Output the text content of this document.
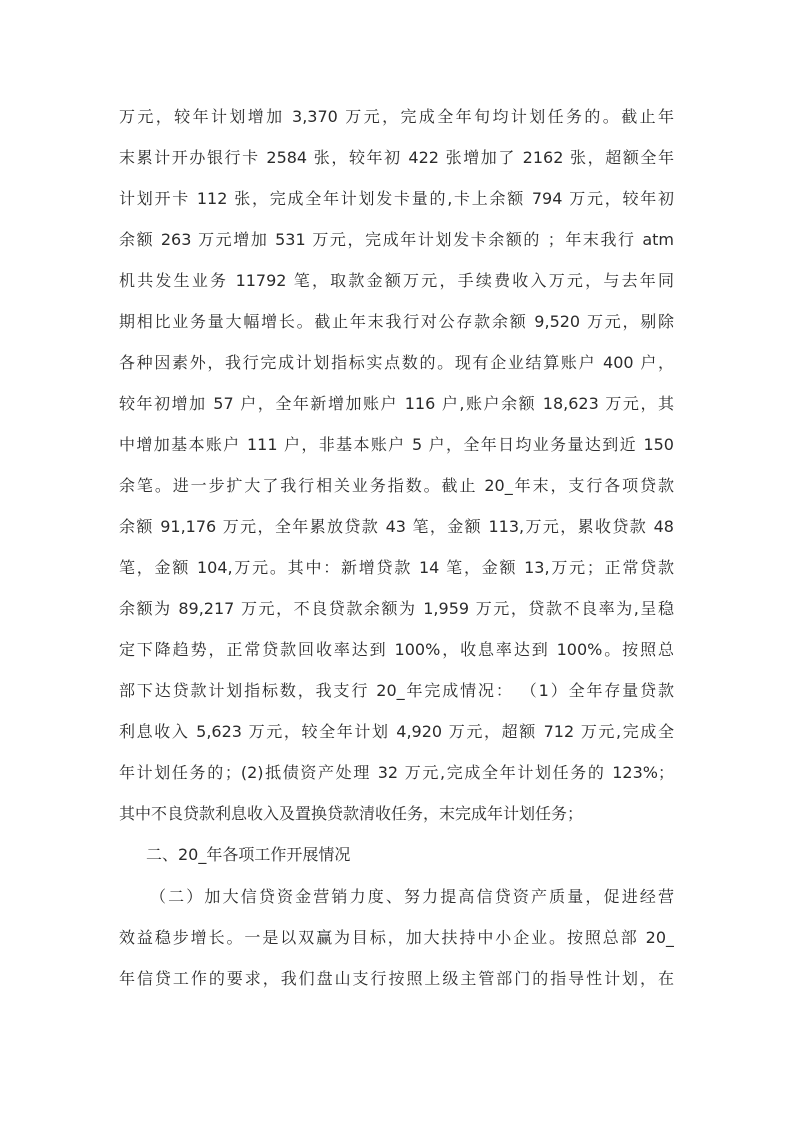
万元，较年计划增加 3,370 万元，完成全年旬均计划任务的。截止年
末累计开办银行卡 2584 张，较年初 422 张增加了 2162 张，超额全年
计划开卡 112 张，完成全年计划发卡量的,卡上余额 794 万元，较年初
余额 263 万元增加 531 万元，完成年计划发卡余额的 ；年末我行 atm
机共发生业务 11792 笔，取款金额万元，手续费收入万元，与去年同
期相比业务量大幅增长。截止年末我行对公存款余额 9,520 万元，剔除
各种因素外，我行完成计划指标实点数的。现有企业结算账户 400 户，
较年初增加 57 户，全年新增加账户 116 户,账户余额 18,623 万元，其
中增加基本账户 111 户，非基本账户 5 户，全年日均业务量达到近 150
余笔。进一步扩大了我行相关业务指数。截止 20_年末，支行各项贷款
余额 91,176 万元，全年累放贷款 43 笔，金额 113,万元，累收贷款 48
笔，金额 104,万元。其中：新增贷款 14 笔，金额 13,万元；正常贷款
余额为 89,217 万元，不良贷款余额为 1,959 万元，贷款不良率为,呈稳
定下降趋势，正常贷款回收率达到 100%，收息率达到 100%。按照总
部下达贷款计划指标数，我支行 20_年完成情况： （1）全年存量贷款
利息收入 5,623 万元，较全年计划 4,920 万元，超额 712 万元,完成全
年计划任务的；(2)抵债资产处理 32 万元,完成全年计划任务的 123%；
其中不良贷款利息收入及置换贷款清收任务，末完成年计划任务；
二、20_年各项工作开展情况
（二）加大信贷资金营销力度、努力提高信贷资产质量，促进经营
效益稳步增长。一是以双赢为目标，加大扶持中小企业。按照总部 20_
年信贷工作的要求，我们盘山支行按照上级主管部门的指导性计划，在
